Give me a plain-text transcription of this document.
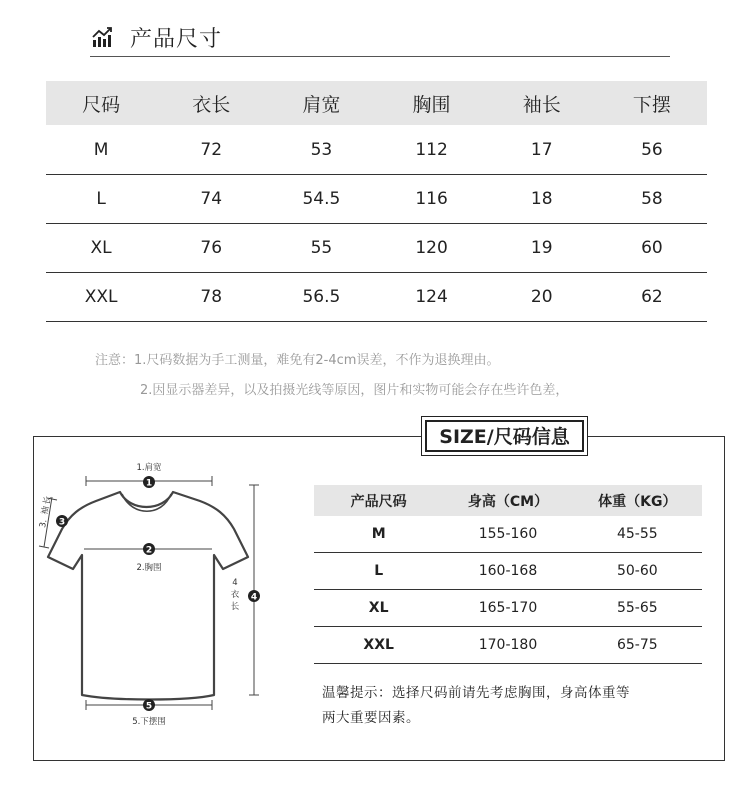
产品尺寸
尺码	衣长	肩宽	胸围	袖长	下摆
M	72	53	112	17	56
L	74	54.5	116	18	58
XL	76	55	120	19	60
XXL	78	56.5	124	20	62
注意：1.尺码数据为手工测量，难免有2-4cm误差，不作为退换理由。
2.因显示器差异，以及拍摄光线等原因，图片和实物可能会存在些许色差，
SIZE/尺码信息
1.肩宽
1
2
2.胸围
3.
袖
长
3
4
衣
长
4
5
5.下摆围
产品尺码	身高（CM）	体重（KG）
M	155-160	45-55
L	160-168	50-60
XL	165-170	55-65
XXL	170-180	65-75
温馨提示：选择尺码前请先考虑胸围，身高体重等
两大重要因素。
